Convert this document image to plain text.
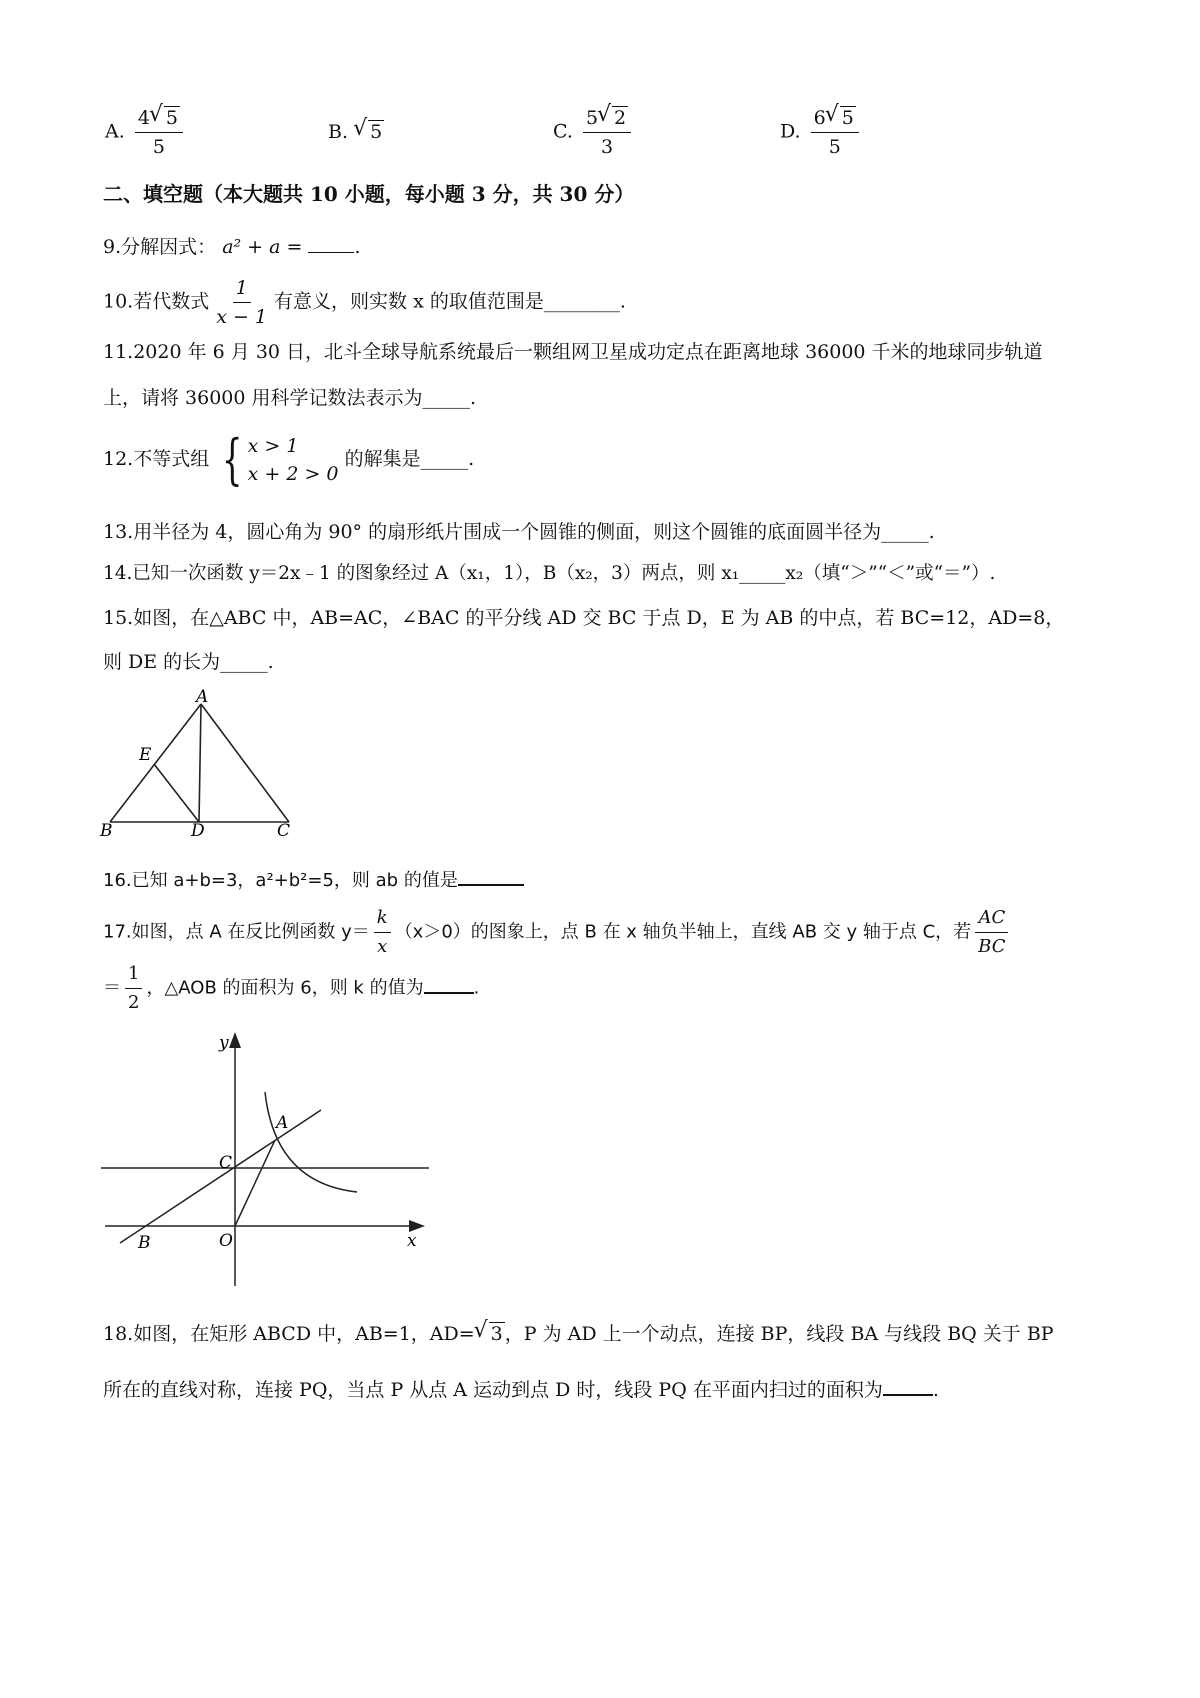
A. $\frac{4 √ 5}{5}$	B. √ 5	C. $\frac{5 √ 2}{3}$	D. $\frac{6 √ 5}{5}$
二、填空题（本大题共 10 小题，每小题 3 分，共 30 分）
9.分解因式： a² + a =	.
10.若代数式 $\frac{1}{x - 1}$ 有意义，则实数 x 的取值范围是________.
11.2020 年 6 月 30 日，北斗全球导航系统最后一颗组网卫星成功定点在距离地球 36000 千米的地球同步轨道
上，请将 36000 用科学记数法表示为_____.
12.不等式组 { x > 1
x + 2 > 0
的解集是_____.
13.用半径为 4，圆心角为 90° 的扇形纸片围成一个圆锥的侧面，则这个圆锥的底面圆半径为_____.
14.已知一次函数 y＝2x﹣1 的图象经过 A（x₁，1），B（x₂，3）两点，则 x₁_____x₂（填“＞”“＜”或“＝”）.
15.如图，在△ABC 中，AB=AC，∠BAC 的平分线 AD 交 BC 于点 D，E 为 AB 的中点，若 BC=12，AD=8，
则 DE 的长为_____.
A
E
B	D	C
16.已知 a+b=3，a²+b²=5，则 ab 的值是
17.如图，点 A 在反比例函数 $y= \frac{k}{x} (x>0)$的图象上，点 B 在 x 轴负半轴上，直线 AB 交 y 轴于点 C，若 $\frac{AC}{BC}$
＝ $\frac{1}{2}$ ，△AOB 的面积为 6，则 k 的值为	.
y
x
A
C
B	O
18.如图，在矩形 ABCD 中，AB=1，AD= √ 3 ，P 为 AD 上一个动点，连接 BP，线段 BA 与线段 BQ 关于 BP
所在的直线对称，连接 PQ，当点 P 从点 A 运动到点 D 时，线段 PQ 在平面内扫过的面积为	.
